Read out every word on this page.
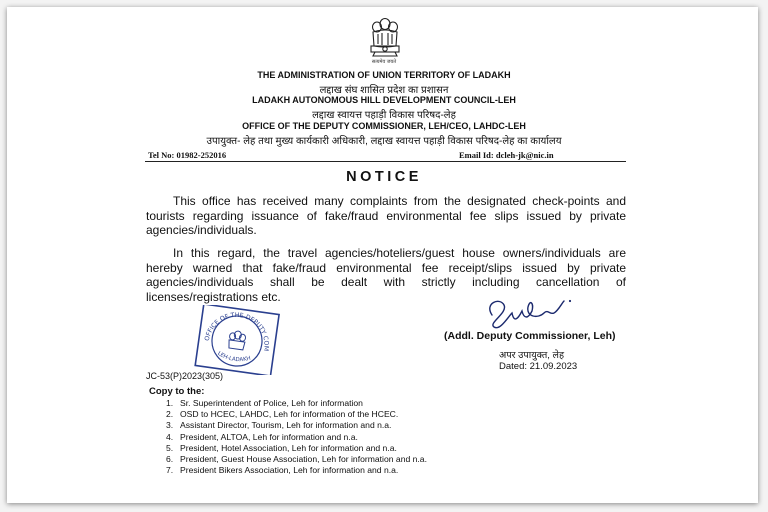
सत्यमेव जयते
THE ADMINISTRATION OF UNION TERRITORY OF LADAKH
लद्दाख संघ शासित प्रदेश का प्रशासन
LADAKH AUTONOMOUS HILL DEVELOPMENT COUNCIL-LEH
लद्दाख स्वायत्त पहाड़ी विकास परिषद-लेह
OFFICE OF THE DEPUTY COMMISSIONER, LEH/CEO, LAHDC-LEH
उपायुक्त- लेह तथा मुख्य कार्यकारी अधिकारी, लद्दाख स्वायत्त पहाड़ी विकास परिषद-लेह का कार्यालय
Tel No: 01982-252016	Email Id: dcleh-jk@nic.in
NOTICE
This office has received many complaints from the designated check-points and tourists regarding issuance of fake/fraud environmental fee slips issued by private agencies/individuals.
In this regard, the travel agencies/hoteliers/guest house owners/individuals are hereby warned that fake/fraud environmental fee receipt/slips issued by private agencies/individuals shall be dealt with strictly including cancellation of licenses/registrations etc.
OFFICE OF THE DEPUTY COMMISSIONER
LEH-LADAKH
(Addl. Deputy Commissioner, Leh)
अपर उपायुक्त, लेह
Dated: 21.09.2023
JC-53(P)2023(305)
Copy to the:
1. Sr. Superintendent of Police, Leh for information
2. OSD to HCEC, LAHDC, Leh for information of the HCEC.
3. Assistant Director, Tourism, Leh for information and n.a.
4. President, ALTOA, Leh for information and n.a.
5. President, Hotel Association, Leh for information and n.a.
6. President, Guest House Association, Leh for information and n.a.
7. President Bikers Association, Leh for information and n.a.
